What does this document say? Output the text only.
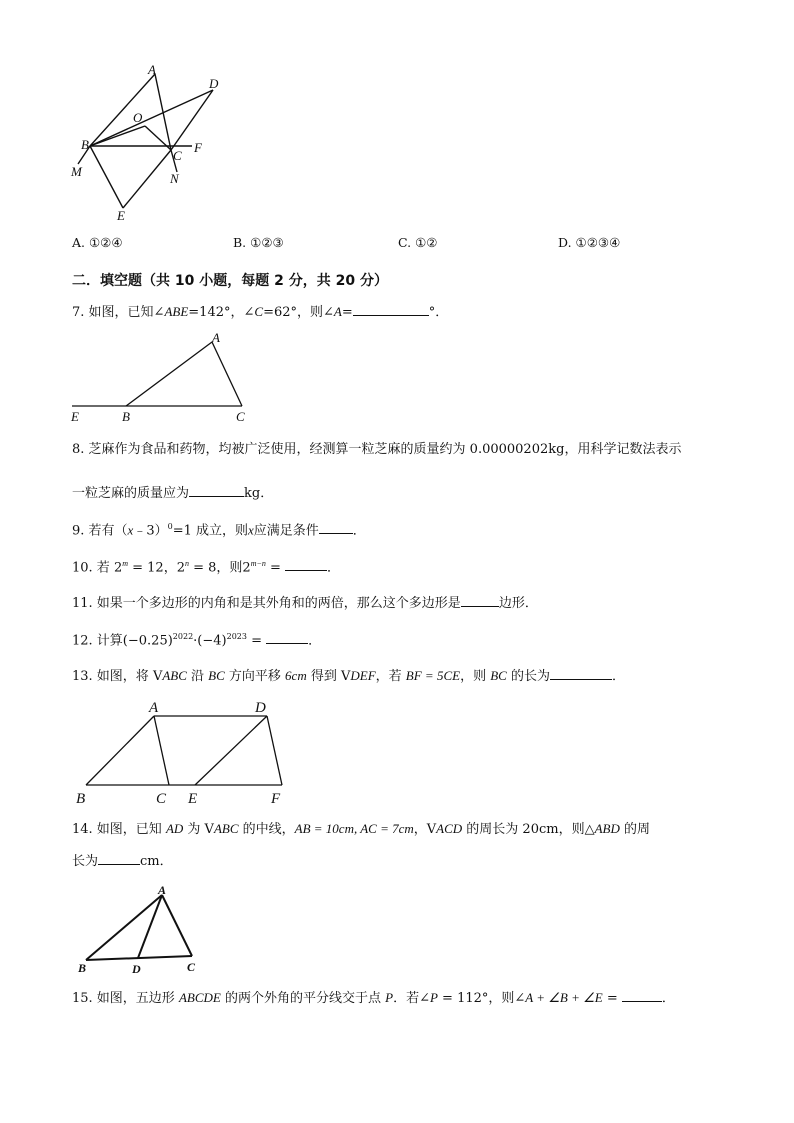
A
D
O
B
C
F
M	N
E
A. ①②④	B. ①②③	C. ①②	D. ①②③④
二．填空题（共 10 小题，每题 2 分，共 20 分）
7. 如图，已知∠ABE=142°，∠C=62°，则∠A=	°．
A
E	B	C
8. 芝麻作为食品和药物，均被广泛使用，经测算一粒芝麻的质量约为 0.00000202kg，用科学记数法表示
一粒芝麻的质量应为	kg．
9. 若有（x﹣3）$^0$=1 成立，则x应满足条件	．
10. 若 $2^m = 12$，$2^n = 8$，则$2^{m-n}$ =	．
11. 如果一个多边形的内角和是其外角和的两倍，那么这个多边形是	边形．
12. 计算$(-0.25)^{2022}\cdot(-4)^{2023}$ =	．
13. 如图，将 VABC 沿 BC 方向平移 6cm 得到 VDEF，若 BF = 5CE，则 BC 的长为	．
A	D
B	C E	F
14. 如图，已知 AD 为 VABC 的中线，AB = 10cm, AC = 7cm，VACD 的周长为 20cm，则△ABD 的周
长为	cm．
A
B	D	C
15. 如图，五边形 ABCDE 的两个外角的平分线交于点 P．若∠P = 112°，则∠A + ∠B + ∠E =	．
